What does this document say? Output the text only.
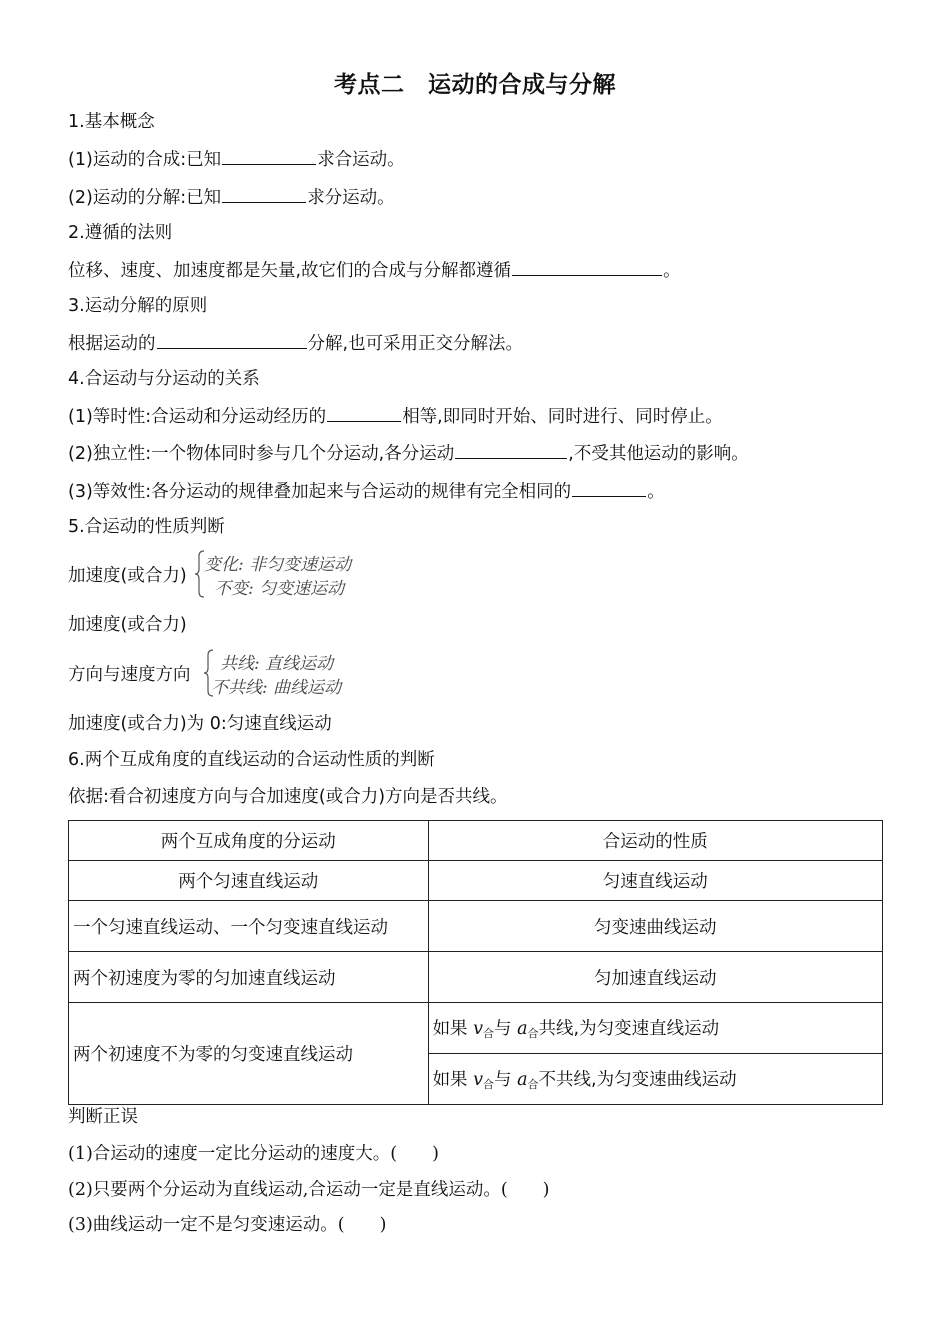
考点二　运动的合成与分解
1.基本概念
(1)运动的合成:已知	求合运动。
(2)运动的分解:已知	求分运动。
2.遵循的法则
位移、速度、加速度都是矢量,故它们的合成与分解都遵循	。
3.运动分解的原则
根据运动的	分解,也可采用正交分解法。
4.合运动与分运动的关系
(1)等时性:合运动和分运动经历的	相等,即同时开始、同时进行、同时停止。
(2)独立性:一个物体同时参与几个分运动,各分运动	,不受其他运动的影响。
(3)等效性:各分运动的规律叠加起来与合运动的规律有完全相同的	。
5.合运动的性质判断
加速度(或合力)
变化: 非匀变速运动
不变: 匀变速运动
加速度(或合力)
方向与速度方向
共线: 直线运动
不共线: 曲线运动
加速度(或合力)为 0:匀速直线运动
6.两个互成角度的直线运动的合运动性质的判断
依据:看合初速度方向与合加速度(或合力)方向是否共线。
两个互成角度的分运动	合运动的性质
两个匀速直线运动	匀速直线运动
一个匀速直线运动、一个匀变速直线运动	匀变速曲线运动
两个初速度为零的匀加速直线运动	匀加速直线运动
两个初速度不为零的匀变速直线运动	如果 $v_合$与 $a_合$共线,为匀变速直线运动
	如果 $v_合$与 $a_合$不共线,为匀变速曲线运动
判断正误
(1)合运动的速度一定比分运动的速度大。(　　)
(2)只要两个分运动为直线运动,合运动一定是直线运动。(　　)
(3)曲线运动一定不是匀变速运动。(　　)
